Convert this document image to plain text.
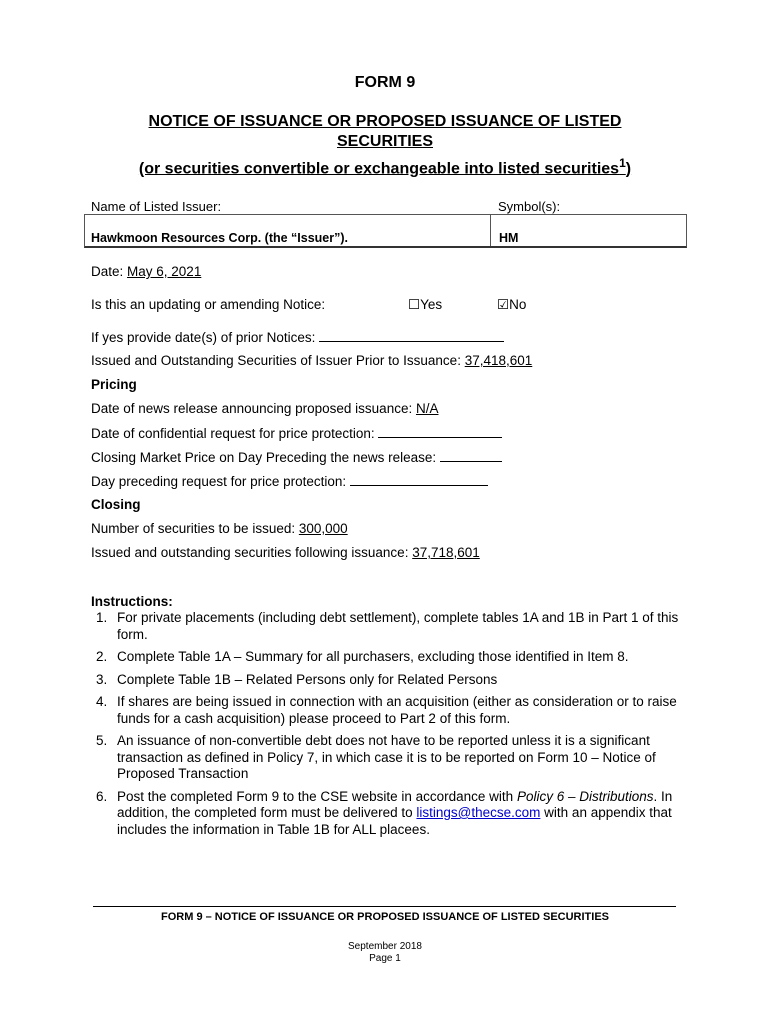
FORM 9
NOTICE OF ISSUANCE OR PROPOSED ISSUANCE OF LISTED SECURITIES
(or securities convertible or exchangeable into listed securities$^1$)
Name of Listed Issuer:	Symbol(s):
Hawkmoon Resources Corp. (the “Issuer”).	HM
Date: May 6, 2021
Is this an updating or amending Notice:	☐Yes	☑No
If yes provide date(s) of prior Notices:
Issued and Outstanding Securities of Issuer Prior to Issuance: 37,418,601
Pricing
Date of news release announcing proposed issuance: N/A
Date of confidential request for price protection:
Closing Market Price on Day Preceding the news release:
Day preceding request for price protection:
Closing
Number of securities to be issued: 300,000
Issued and outstanding securities following issuance: 37,718,601
Instructions:
1. For private placements (including debt settlement), complete tables 1A and 1B in Part 1 of this form.
2. Complete Table 1A – Summary for all purchasers, excluding those identified in Item 8.
3. Complete Table 1B – Related Persons only for Related Persons
4. If shares are being issued in connection with an acquisition (either as consideration or to raise funds for a cash acquisition) please proceed to Part 2 of this form.
5. An issuance of non-convertible debt does not have to be reported unless it is a significant transaction as defined in Policy 7, in which case it is to be reported on Form 10 – Notice of Proposed Transaction
6. Post the completed Form 9 to the CSE website in accordance with Policy 6 – Distributions. In addition, the completed form must be delivered to listings@thecse.com with an appendix that includes the information in Table 1B for ALL placees.
FORM 9 – NOTICE OF ISSUANCE OR PROPOSED ISSUANCE OF LISTED SECURITIES
September 2018
Page 1
